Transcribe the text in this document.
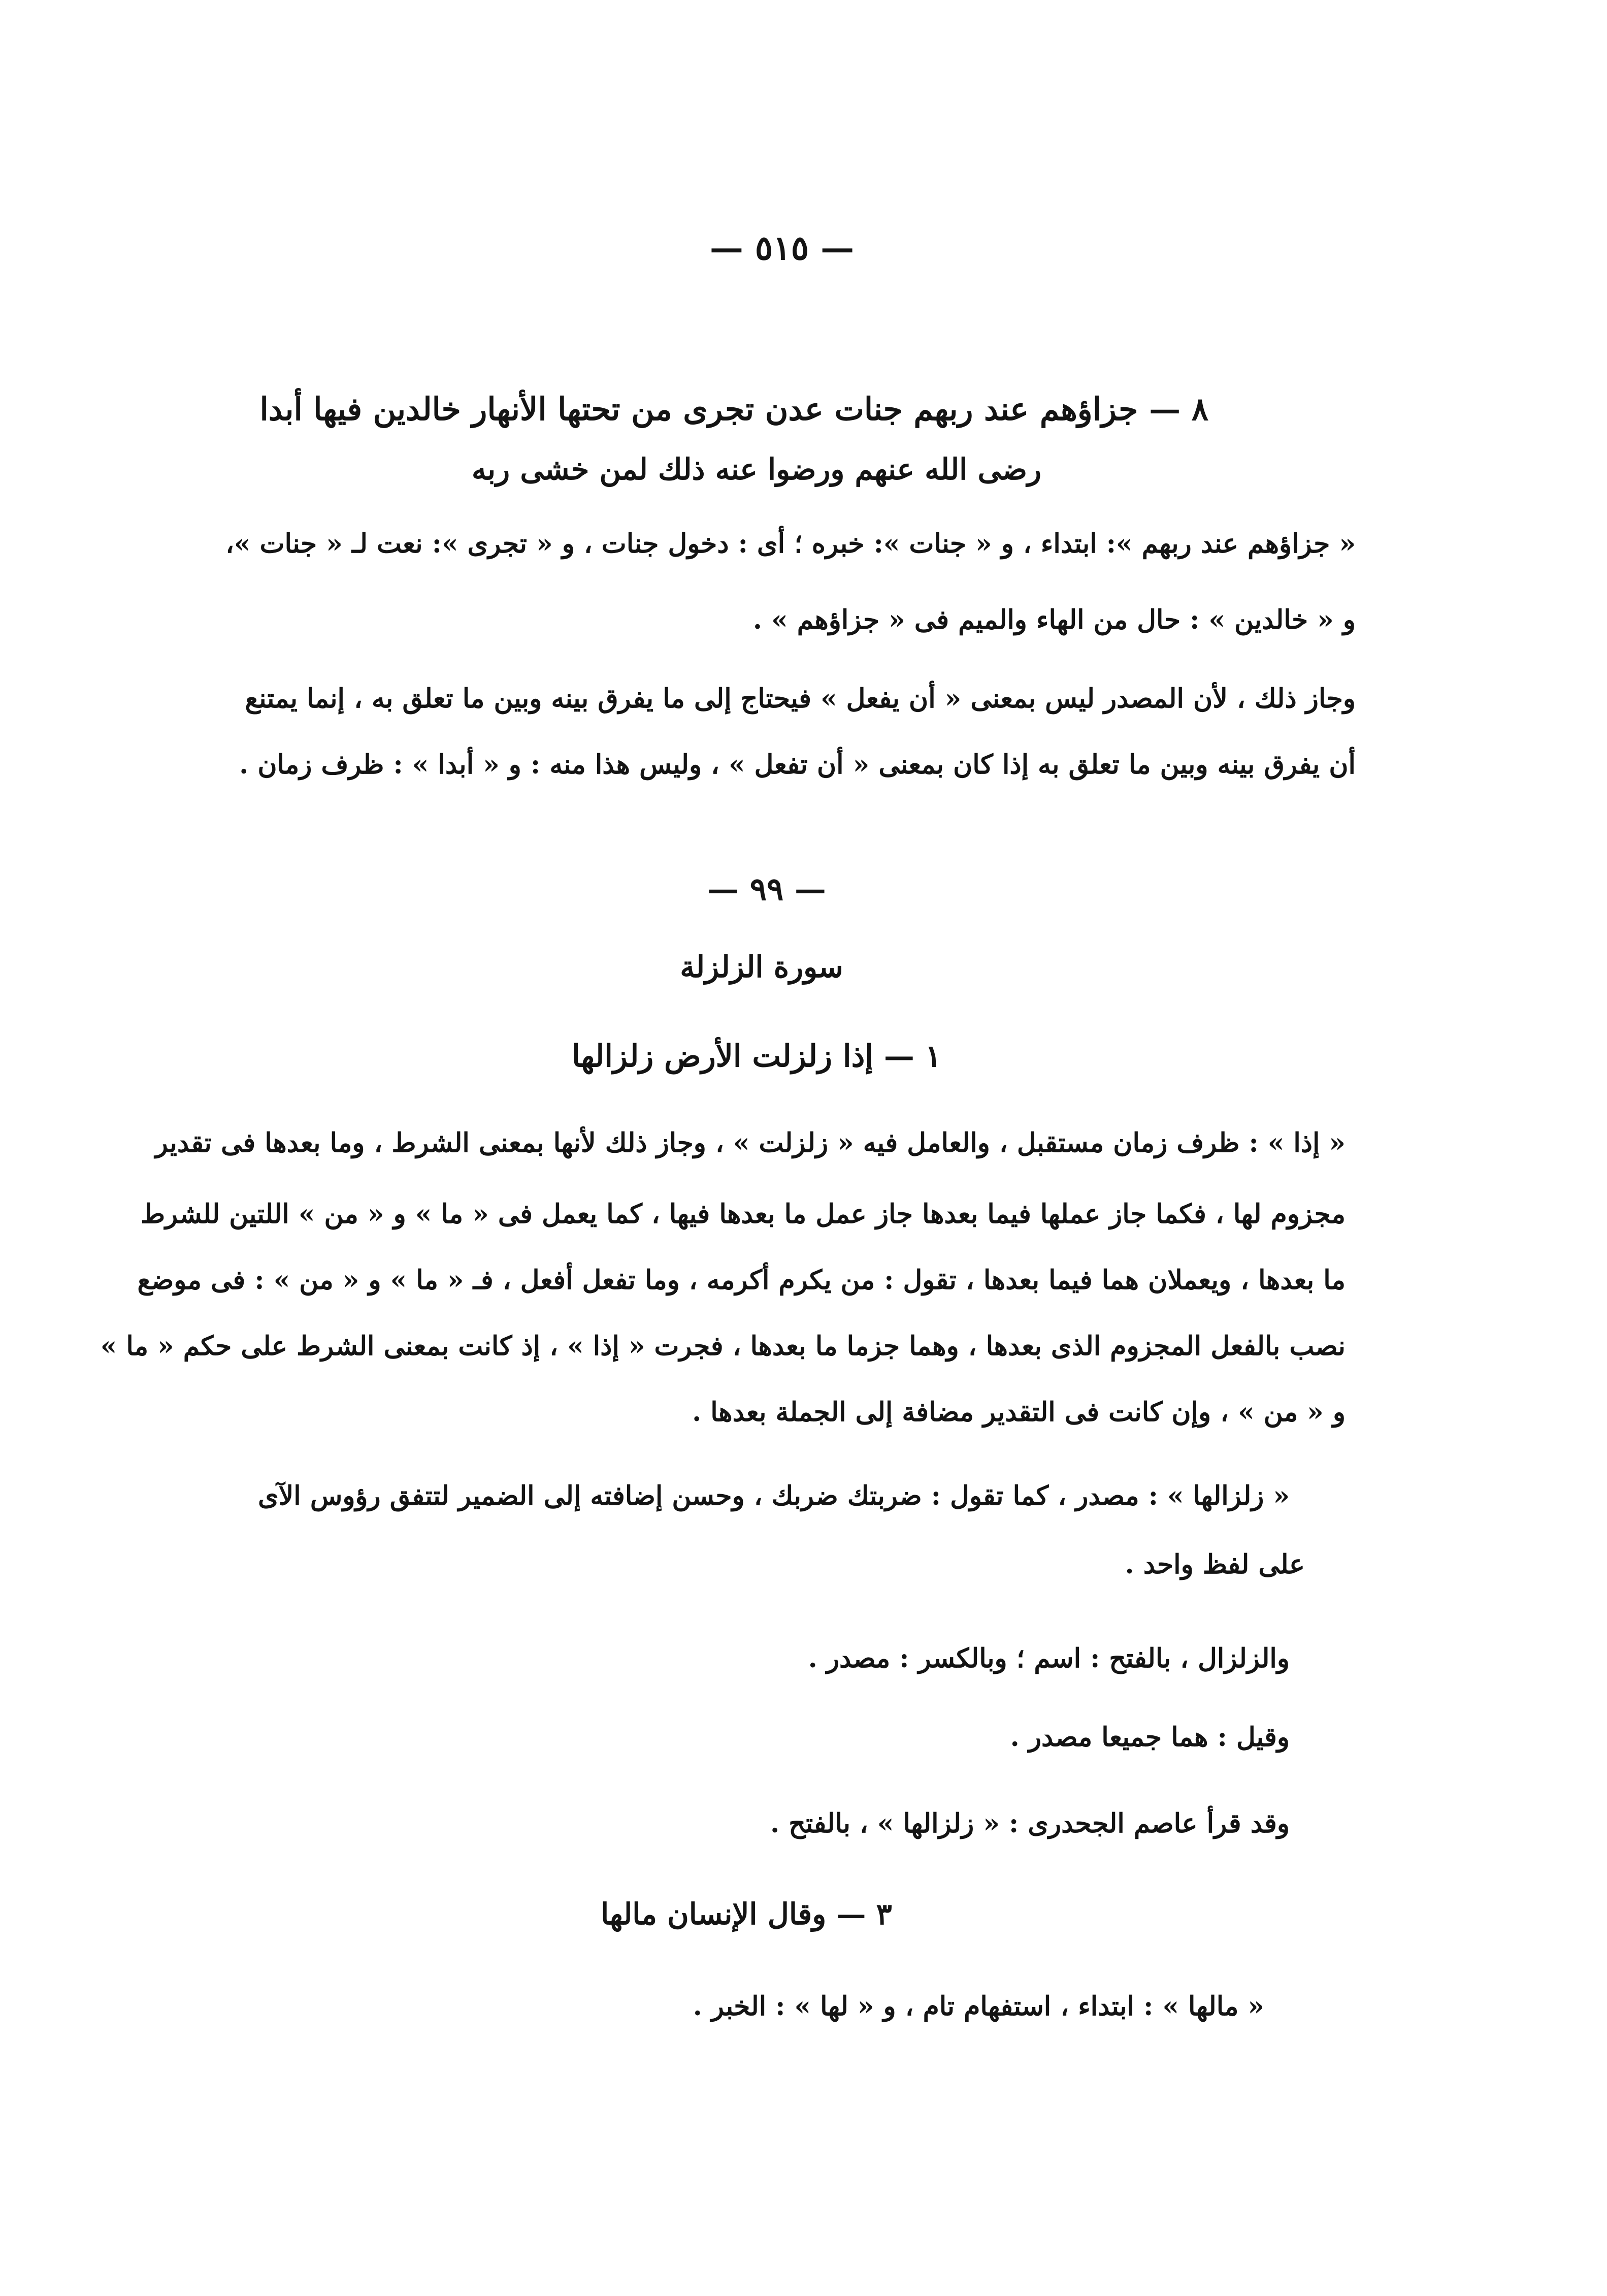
— ٥١٥ —
٨ — جزاؤهم عند ربهم جنات عدن تجرى من تحتها الأنهار خالدين فيها أبدا
رضى الله عنهم ورضوا عنه ذلك لمن خشى ربه
« جزاؤهم عند ربهم »: ابتداء ، و « جنات »: خبره ؛ أى : دخول جنات ، و « تجرى »: نعت لـ « جنات »،
و « خالدين » : حال من الهاء والميم فى « جزاؤهم » .
وجاز ذلك ، لأن المصدر ليس بمعنى « أن يفعل » فيحتاج إلى ما يفرق بينه وبين ما تعلق به ، إنما يمتنع
أن يفرق بينه وبين ما تعلق به إذا كان بمعنى « أن تفعل » ، وليس هذا منه : و « أبدا » : ظرف زمان .
— ٩٩ —
سورة الزلزلة
١ — إذا زلزلت الأرض زلزالها
« إذا » : ظرف زمان مستقبل ، والعامل فيه « زلزلت » ، وجاز ذلك لأنها بمعنى الشرط ، وما بعدها فى تقدير
مجزوم لها ، فكما جاز عملها فيما بعدها جاز عمل ما بعدها فيها ، كما يعمل فى « ما » و « من » اللتين للشرط
ما بعدها ، ويعملان هما فيما بعدها ، تقول : من يكرم أكرمه ، وما تفعل أفعل ، فـ « ما » و « من » : فى موضع
نصب بالفعل المجزوم الذى بعدها ، وهما جزما ما بعدها ، فجرت « إذا » ، إذ كانت بمعنى الشرط على حكم « ما »
و « من » ، وإن كانت فى التقدير مضافة إلى الجملة بعدها .
« زلزالها » : مصدر ، كما تقول : ضربتك ضربك ، وحسن إضافته إلى الضمير لتتفق رؤوس الآى
على لفظ واحد .
والزلزال ، بالفتح : اسم ؛ وبالكسر : مصدر .
وقيل : هما جميعا مصدر .
وقد قرأ عاصم الجحدرى : « زلزالها » ، بالفتح .
٣ — وقال الإنسان مالها
« مالها » : ابتداء ، استفهام تام ، و « لها » : الخبر .
